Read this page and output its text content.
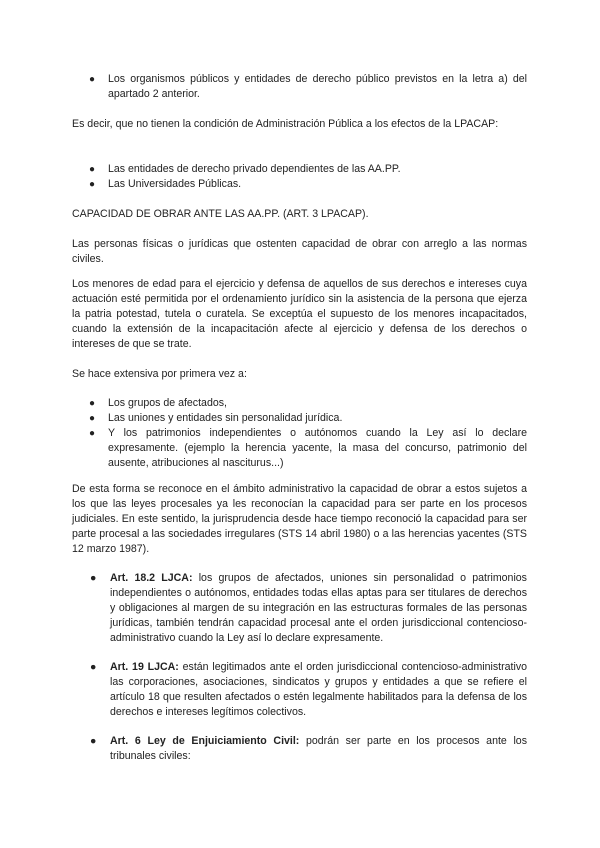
● Los organismos públicos y entidades de derecho público previstos en la letra a) del apartado 2 anterior.

Es decir, que no tienen la condición de Administración Pública a los efectos de la LPACAP:

● Las entidades de derecho privado dependientes de las AA.PP.
● Las Universidades Públicas.

CAPACIDAD DE OBRAR ANTE LAS AA.PP. (ART. 3 LPACAP).

Las personas físicas o jurídicas que ostenten capacidad de obrar con arreglo a las normas civiles.

Los menores de edad para el ejercicio y defensa de aquellos de sus derechos e intereses cuya actuación esté permitida por el ordenamiento jurídico sin la asistencia de la persona que ejerza la patria potestad, tutela o curatela. Se exceptúa el supuesto de los menores incapacitados, cuando la extensión de la incapacitación afecte al ejercicio y defensa de los derechos o intereses de que se trate.

Se hace extensiva por primera vez a:

● Los grupos de afectados,
● Las uniones y entidades sin personalidad jurídica.
● Y los patrimonios independientes o autónomos cuando la Ley así lo declare expresamente. (ejemplo la herencia yacente, la masa del concurso, patrimonio del ausente, atribuciones al nasciturus...)

De esta forma se reconoce en el ámbito administrativo la capacidad de obrar a estos sujetos a los que las leyes procesales ya les reconocían la capacidad para ser parte en los procesos judiciales. En este sentido, la jurisprudencia desde hace tiempo reconoció la capacidad para ser parte procesal a las sociedades irregulares (STS 14 abril 1980) o a las herencias yacentes (STS 12 marzo 1987).

● Art. 18.2 LJCA: los grupos de afectados, uniones sin personalidad o patrimonios independientes o autónomos, entidades todas ellas aptas para ser titulares de derechos y obligaciones al margen de su integración en las estructuras formales de las personas jurídicas, también tendrán capacidad procesal ante el orden jurisdiccional contencioso-administrativo cuando la Ley así lo declare expresamente.
● Art. 19 LJCA: están legitimados ante el orden jurisdiccional contencioso-administrativo las corporaciones, asociaciones, sindicatos y grupos y entidades a que se refiere el artículo 18 que resulten afectados o estén legalmente habilitados para la defensa de los derechos e intereses legítimos colectivos.
● Art. 6 Ley de Enjuiciamiento Civil: podrán ser parte en los procesos ante los tribunales civiles:
